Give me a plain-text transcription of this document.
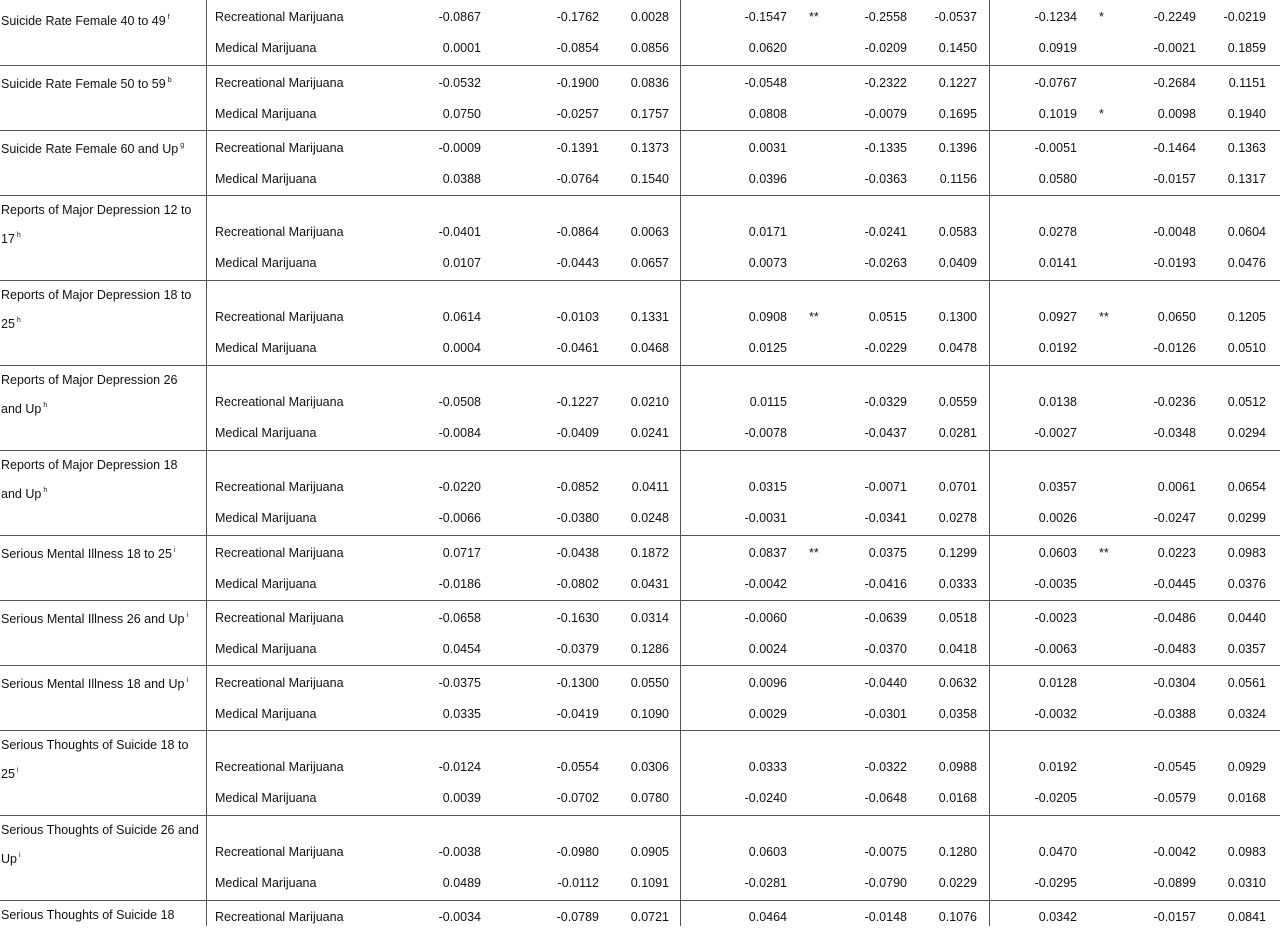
Suicide Rate Female 40 to 49 $^f$	Recreational Marijuana	-0.0867	-0.1762	0.0028	-0.1547 **	-0.2558 -0.0537	-0.1234 *	-0.2249 -0.0219
Medical Marijuana	0.0001	-0.0854	0.0856	0.0620	-0.0209	0.1450	0.0919	-0.0021	0.1859
Suicide Rate Female 50 to 59 $^b$	Recreational Marijuana	-0.0532	-0.1900	0.0836	-0.0548	-0.2322	0.1227	-0.0767	-0.2684	0.1151
Medical Marijuana	0.0750	-0.0257	0.1757	0.0808	-0.0079	0.1695	0.1019 *	0.0098	0.1940
Suicide Rate Female 60 and Up $^g$	Recreational Marijuana	-0.0009	-0.1391	0.1373	0.0031	-0.1335	0.1396	-0.0051	-0.1464	0.1363
Medical Marijuana	0.0388	-0.0764	0.1540	0.0396	-0.0363	0.1156	0.0580	-0.0157	0.1317
Reports of Major Depression 12 to 17 $^h$	Recreational Marijuana	-0.0401	-0.0864	0.0063	0.0171	-0.0241	0.0583	0.0278	-0.0048	0.0604
Medical Marijuana	0.0107	-0.0443	0.0657	0.0073	-0.0263	0.0409	0.0141	-0.0193	0.0476
Reports of Major Depression 18 to 25 $^h$	Recreational Marijuana	0.0614	-0.0103	0.1331	0.0908 **	0.0515	0.1300	0.0927 **	0.0650	0.1205
Medical Marijuana	0.0004	-0.0461	0.0468	0.0125	-0.0229	0.0478	0.0192	-0.0126	0.0510
Reports of Major Depression 26 and Up $^h$	Recreational Marijuana	-0.0508	-0.1227	0.0210	0.0115	-0.0329	0.0559	0.0138	-0.0236	0.0512
Medical Marijuana	-0.0084	-0.0409	0.0241	-0.0078	-0.0437	0.0281	-0.0027	-0.0348	0.0294
Reports of Major Depression 18 and Up $^h$	Recreational Marijuana	-0.0220	-0.0852	0.0411	0.0315	-0.0071	0.0701	0.0357	0.0061	0.0654
Medical Marijuana	-0.0066	-0.0380	0.0248	-0.0031	-0.0341	0.0278	0.0026	-0.0247	0.0299
Serious Mental Illness 18 to 25 $^i$	Recreational Marijuana	0.0717	-0.0438	0.1872	0.0837 **	0.0375	0.1299	0.0603 **	0.0223	0.0983
Medical Marijuana	-0.0186	-0.0802	0.0431	-0.0042	-0.0416	0.0333	-0.0035	-0.0445	0.0376
Serious Mental Illness 26 and Up $^i$	Recreational Marijuana	-0.0658	-0.1630	0.0314	-0.0060	-0.0639	0.0518	-0.0023	-0.0486	0.0440
Medical Marijuana	0.0454	-0.0379	0.1286	0.0024	-0.0370	0.0418	-0.0063	-0.0483	0.0357
Serious Mental Illness 18 and Up $^i$	Recreational Marijuana	-0.0375	-0.1300	0.0550	0.0096	-0.0440	0.0632	0.0128	-0.0304	0.0561
Medical Marijuana	0.0335	-0.0419	0.1090	0.0029	-0.0301	0.0358	-0.0032	-0.0388	0.0324
Serious Thoughts of Suicide 18 to 25 $^i$	Recreational Marijuana	-0.0124	-0.0554	0.0306	0.0333	-0.0322	0.0988	0.0192	-0.0545	0.0929
Medical Marijuana	0.0039	-0.0702	0.0780	-0.0240	-0.0648	0.0168	-0.0205	-0.0579	0.0168
Serious Thoughts of Suicide 26 and Up $^i$	Recreational Marijuana	-0.0038	-0.0980	0.0905	0.0603	-0.0075	0.1280	0.0470	-0.0042	0.0983
Medical Marijuana	0.0489	-0.0112	0.1091	-0.0281	-0.0790	0.0229	-0.0295	-0.0899	0.0310
Serious Thoughts of Suicide 18	Recreational Marijuana	-0.0034	-0.0789	0.0721	0.0464	-0.0148	0.1076	0.0342	-0.0157	0.0841
